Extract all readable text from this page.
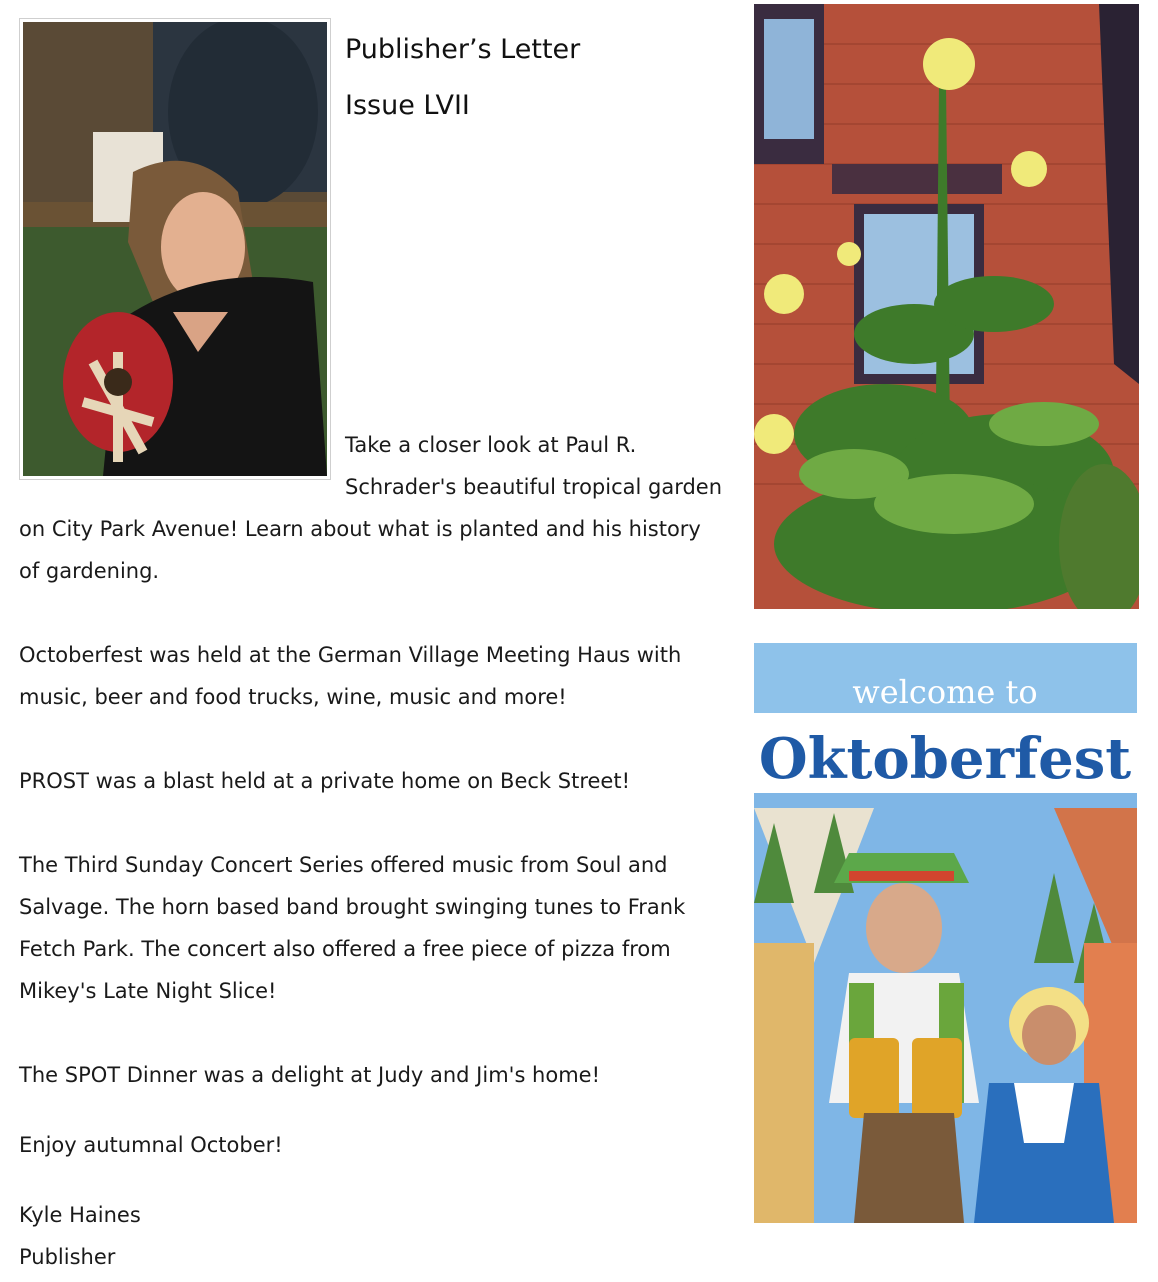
Publisher’s Letter
Issue LVII

Take a closer look at Paul R. Schrader's beautiful tropical garden on City Park Avenue! Learn about what is planted and his history of gardening.

Octoberfest was held at the German Village Meeting Haus with music, beer and food trucks, wine, music and more!

PROST was a blast held at a private home on Beck Street!

The Third Sunday Concert Series offered music from Soul and Salvage. The horn based band brought swinging tunes to Frank Fetch Park. The concert also offered a free piece of pizza from Mikey's Late Night Slice!

The SPOT Dinner was a delight at Judy and Jim's home!

Enjoy autumnal October!

Kyle Haines

Publisher

welcome to
Oktoberfest
